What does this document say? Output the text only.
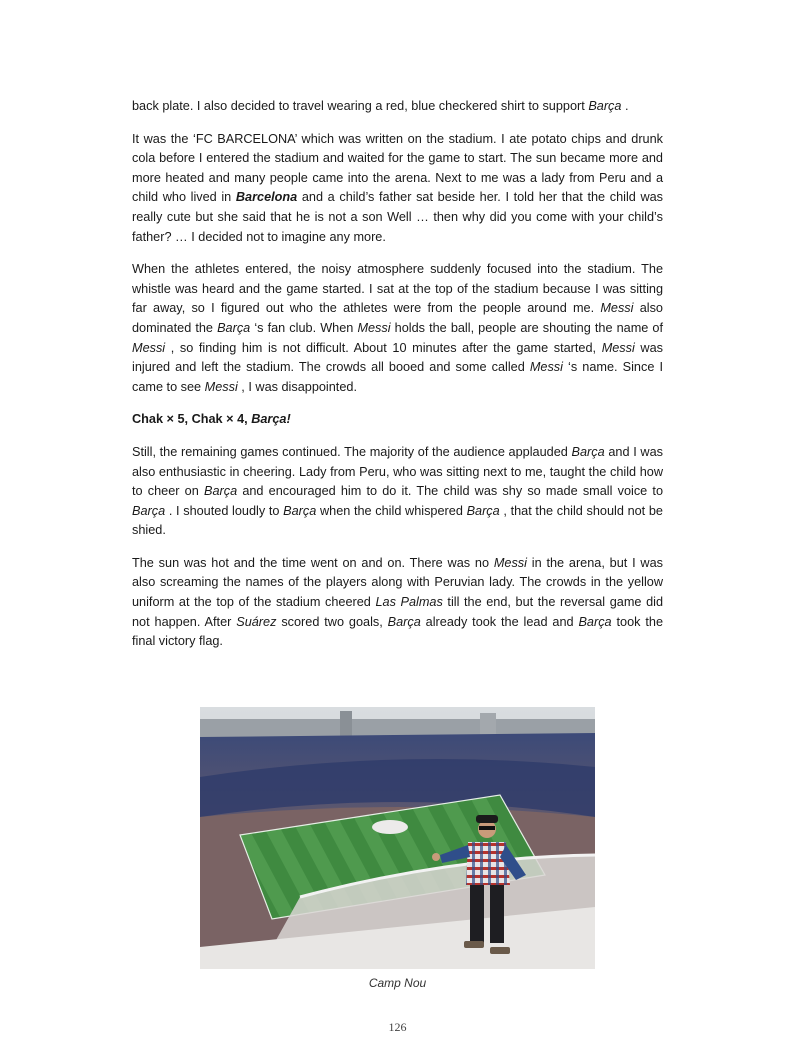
back plate. I also decided to travel wearing a red, blue checkered shirt to support Barça .

It was the ‘FC BARCELONA’ which was written on the stadium. I ate potato chips and drunk cola before I entered the stadium and waited for the game to start. The sun became more and more heated and many people came into the arena. Next to me was a lady from Peru and a child who lived in Barcelona and a child’s father sat beside her. I told her that the child was really cute but she said that he is not a son Well … then why did you come with your child’s father? … I decided not to imagine any more.

When the athletes entered, the noisy atmosphere suddenly focused into the stadium. The whistle was heard and the game started. I sat at the top of the stadium because I was sitting far away, so I figured out who the athletes were from the people around me. Messi also dominated the Barça ‘s fan club. When Messi holds the ball, people are shouting the name of Messi , so finding him is not difficult. About 10 minutes after the game started, Messi was injured and left the stadium. The crowds all booed and some called Messi ‘s name. Since I came to see Messi , I was disappointed.

Chak × 5, Chak × 4, Barça!

Still, the remaining games continued. The majority of the audience applauded Barça and I was also enthusiastic in cheering. Lady from Peru, who was sitting next to me, taught the child how to cheer on Barça and encouraged him to do it. The child was shy so made small voice to Barça . I shouted loudly to Barça when the child whispered Barça , that the child should not be shied.

The sun was hot and the time went on and on. There was no Messi in the arena, but I was also screaming the names of the players along with Peruvian lady. The crowds in the yellow uniform at the top of the stadium cheered Las Palmas till the end, but the reversal game did not happen. After Suárez scored two goals, Barça already took the lead and Barça took the final victory flag.

Camp Nou
126
